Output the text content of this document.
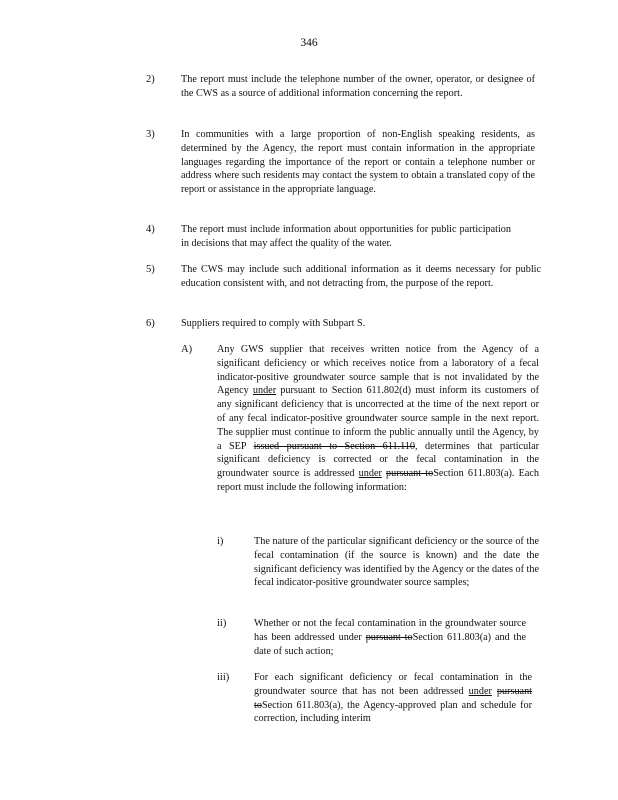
346
2)	The report must include the telephone number of the owner, operator, or designee of the CWS as a source of additional information concerning the report.
3)	In communities with a large proportion of non-English speaking residents, as determined by the Agency, the report must contain information in the appropriate languages regarding the importance of the report or contain a telephone number or address where such residents may contact the system to obtain a translated copy of the report or assistance in the appropriate language.
4)	The report must include information about opportunities for public participation in decisions that may affect the quality of the water.
5)	The CWS may include such additional information as it deems necessary for public education consistent with, and not detracting from, the purpose of the report.
6)	Suppliers required to comply with Subpart S.
A) Any GWS supplier that receives written notice from the Agency of a significant deficiency or which receives notice from a laboratory of a fecal indicator-positive groundwater source sample that is not invalidated by the Agency under pursuant to Section 611.802(d) must inform its customers of any significant deficiency that is uncorrected at the time of the next report or of any fecal indicator-positive groundwater source sample in the next report. The supplier must continue to inform the public annually until the Agency, by a SEP issued pursuant to Section 611.110, determines that particular significant deficiency is corrected or the fecal contamination in the groundwater source is addressed under pursuant toSection 611.803(a). Each report must include the following information:
i)	The nature of the particular significant deficiency or the source of the fecal contamination (if the source is known) and the date the significant deficiency was identified by the Agency or the dates of the fecal indicator-positive groundwater source samples;
ii)	Whether or not the fecal contamination in the groundwater source has been addressed under pursuant toSection 611.803(a) and the date of such action;
iii) For each significant deficiency or fecal contamination in the groundwater source that has not been addressed under pursuant toSection 611.803(a), the Agency-approved plan and schedule for correction, including interim
